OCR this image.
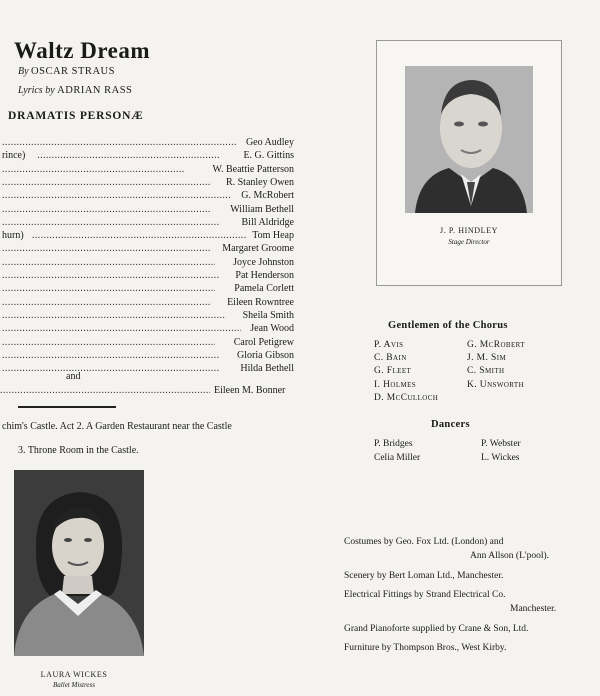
Waltz Dream
By OSCAR STRAUS
Lyrics by ADRIAN RASS
DRAMATIS PERSONÆ
.....
Geo Audley
rince) .....	E. G. Gittins
.....
W. Beattie Patterson
.....
R. Stanley Owen
.....
G. McRobert
.....
William Bethell
.....
Bill Aldridge
hurn) .....	Tom Heap
.....
Margaret Groome
.....
Joyce Johnston
.....
Pat Henderson
.....
Pamela Corlett
.....
Eileen Rowntree
.....
Sheila Smith
.....
Jean Wood
.....
Carol Petigrew
.....
Gloria Gibson
.....
Hilda Bethell
and
.....
Eileen M. Bonner
chim's Castle. Act 2. A Garden Restaurant near the Castle
3. Throne Room in the Castle.
J. P. HINDLEY
Stage Director
Gentlemen of the Chorus
P. Avis
C. Bain
G. Fleet
I. Holmes
D. McCulloch
G. McRobert
J. M. Sim
C. Smith
K. Unsworth
Dancers
P. Bridges
Celia Miller
P. Webster
L. Wickes
LAURA WICKES
Ballet Mistress
Costumes by Geo. Fox Ltd. (London) and
Ann Allson (L'pool).
Scenery by Bert Loman Ltd., Manchester.
Electrical Fittings by Strand Electrical Co.
Manchester.
Grand Pianoforte supplied by Crane & Son, Ltd.
Furniture by Thompson Bros., West Kirby.
